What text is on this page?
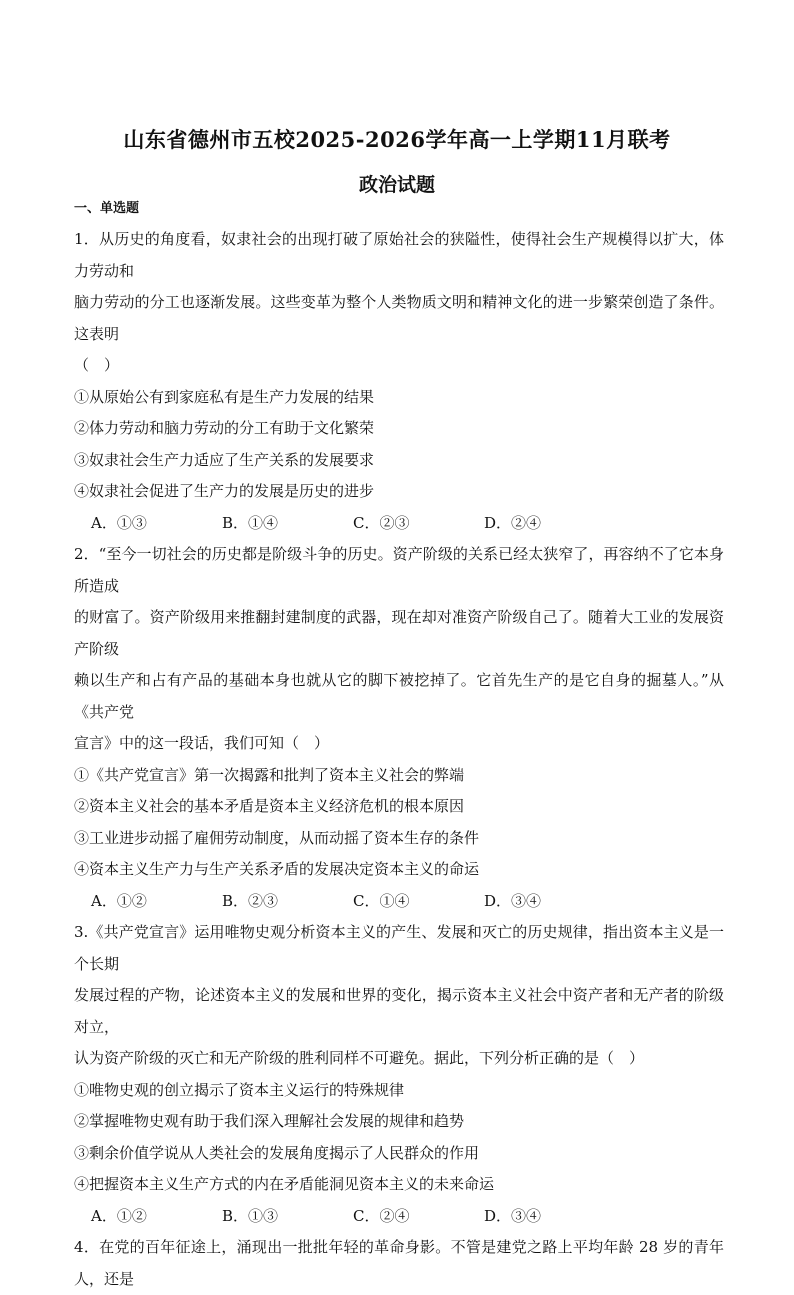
山东省德州市五校2025-2026学年高一上学期11月联考
政治试题
一、单选题

1．从历史的角度看，奴隶社会的出现打破了原始社会的狭隘性，使得社会生产规模得以扩大，体力劳动和

脑力劳动的分工也逐渐发展。这些变革为整个人类物质文明和精神文化的进一步繁荣创造了条件。这表明

（　）

①从原始公有到家庭私有是生产力发展的结果

②体力劳动和脑力劳动的分工有助于文化繁荣

③奴隶社会生产力适应了生产关系的发展要求

④奴隶社会促进了生产力的发展是历史的进步

A．①③	B．①④	C．②③	D．②④

2．“至今一切社会的历史都是阶级斗争的历史。资产阶级的关系已经太狭窄了，再容纳不了它本身所造成

的财富了。资产阶级用来推翻封建制度的武器，现在却对准资产阶级自己了。随着大工业的发展资产阶级

赖以生产和占有产品的基础本身也就从它的脚下被挖掉了。它首先生产的是它自身的掘墓人。”从《共产党

宣言》中的这一段话，我们可知（　）

①《共产党宣言》第一次揭露和批判了资本主义社会的弊端

②资本主义社会的基本矛盾是资本主义经济危机的根本原因

③工业进步动摇了雇佣劳动制度，从而动摇了资本生存的条件

④资本主义生产力与生产关系矛盾的发展决定资本主义的命运

A．①②	B．②③	C．①④	D．③④

3.《共产党宣言》运用唯物史观分析资本主义的产生、发展和灭亡的历史规律，指出资本主义是一个长期

发展过程的产物，论述资本主义的发展和世界的变化，揭示资本主义社会中资产者和无产者的阶级对立，

认为资产阶级的灭亡和无产阶级的胜利同样不可避免。据此，下列分析正确的是（　）

①唯物史观的创立揭示了资本主义运行的特殊规律

②掌握唯物史观有助于我们深入理解社会发展的规律和趋势

③剩余价值学说从人类社会的发展角度揭示了人民群众的作用

④把握资本主义生产方式的内在矛盾能洞见资本主义的未来命运

A．①②	B．①③	C．②④	D．③④

4．在党的百年征途上，涌现出一批批年轻的革命身影。不管是建党之路上平均年龄 28 岁的青年人，还是
